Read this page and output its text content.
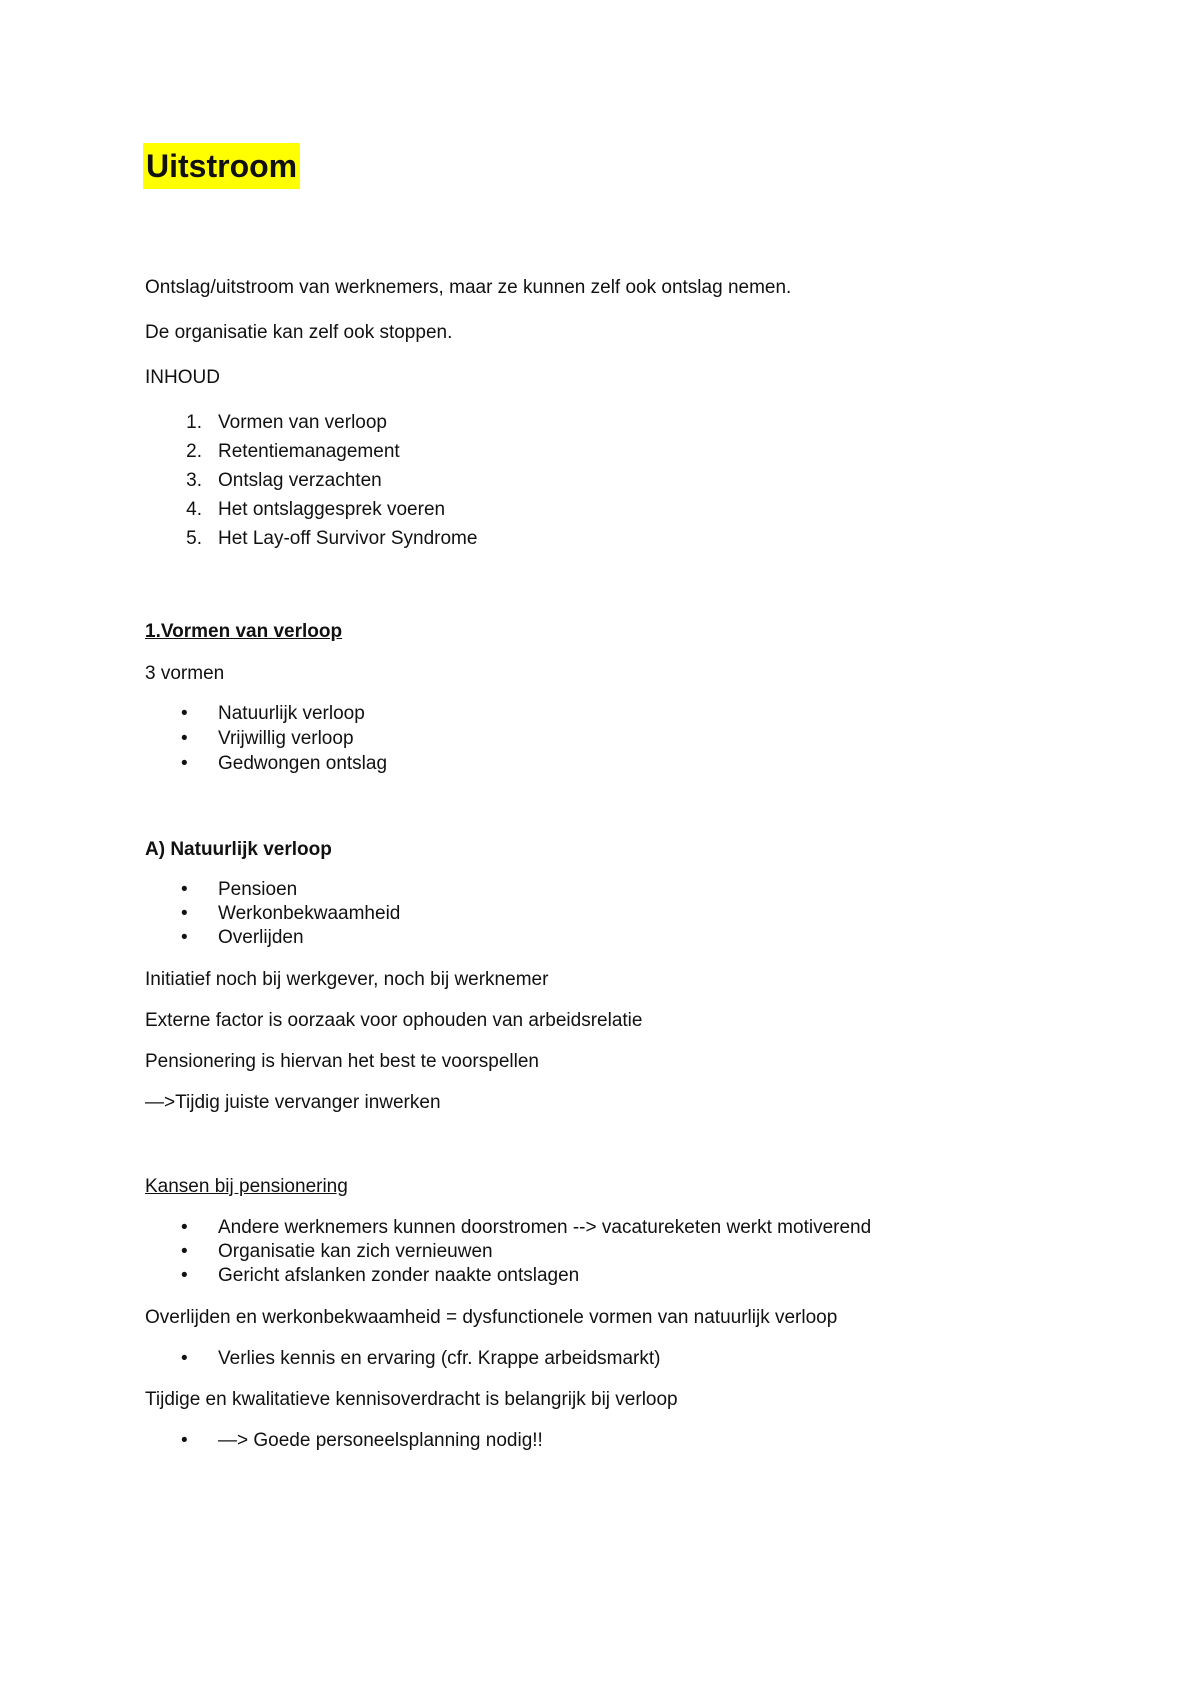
Uitstroom

Ontslag/uitstroom van werknemers, maar ze kunnen zelf ook ontslag nemen.

De organisatie kan zelf ook stoppen.

INHOUD

1. Vormen van verloop
2. Retentiemanagement
3. Ontslag verzachten
4. Het ontslaggesprek voeren
5. Het Lay-off Survivor Syndrome
1.Vormen van verloop

3 vormen

• Natuurlijk verloop
• Vrijwillig verloop
• Gedwongen ontslag
A) Natuurlijk verloop
• Pensioen
• Werkonbekwaamheid
• Overlijden

Initiatief noch bij werkgever, noch bij werknemer

Externe factor is oorzaak voor ophouden van arbeidsrelatie

Pensionering is hiervan het best te voorspellen

—>Tijdig juiste vervanger inwerken

Kansen bij pensionering
• Andere werknemers kunnen doorstromen --> vacatureketen werkt motiverend
• Organisatie kan zich vernieuwen
• Gericht afslanken zonder naakte ontslagen

Overlijden en werkonbekwaamheid = dysfunctionele vormen van natuurlijk verloop

• Verlies kennis en ervaring (cfr. Krappe arbeidsmarkt)

Tijdige en kwalitatieve kennisoverdracht is belangrijk bij verloop

• —> Goede personeelsplanning nodig!!
